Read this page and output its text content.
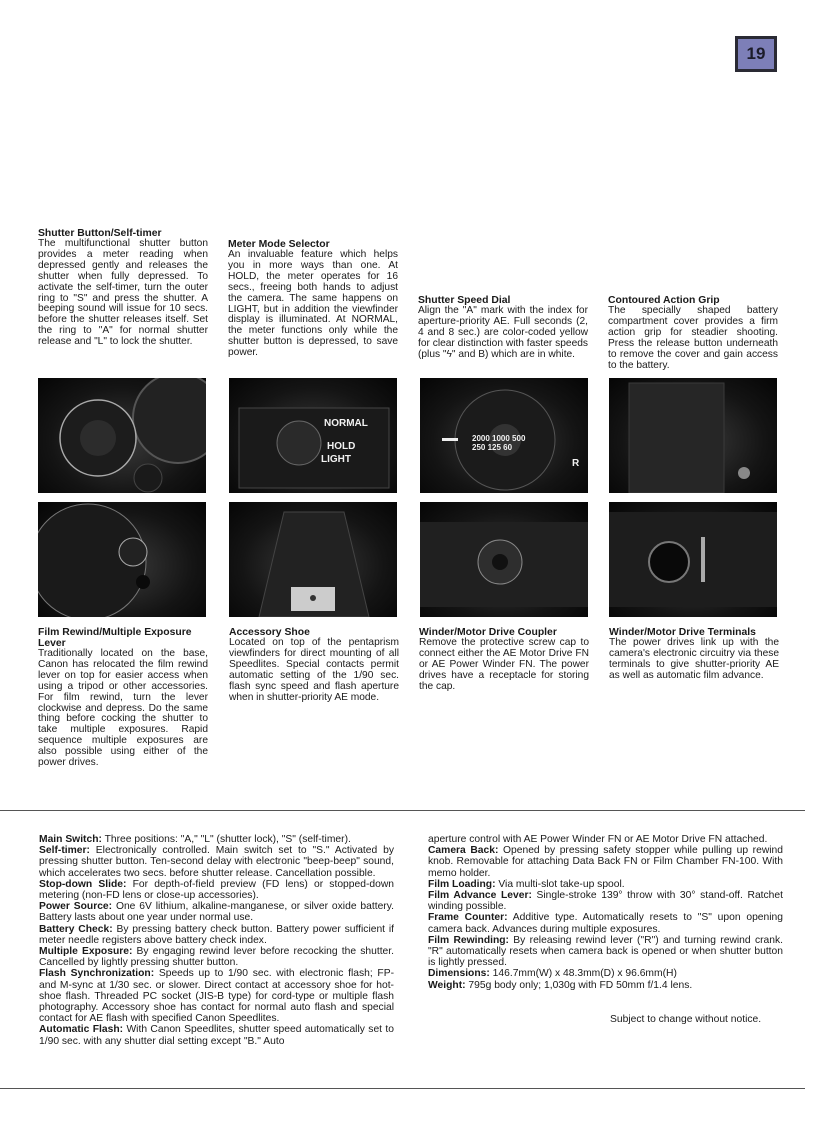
19
Shutter Button/Self-timer

The multifunctional shutter button provides a meter reading when depressed gently and releases the shutter when fully depressed. To activate the self-timer, turn the outer ring to "S" and press the shutter. A beeping sound will issue for 10 secs. before the shutter releases itself. Set the ring to "A" for normal shutter release and "L" to lock the shutter.

Meter Mode Selector

An invaluable feature which helps you in more ways than one. At HOLD, the meter operates for 16 secs., freeing both hands to adjust the camera. The same happens on LIGHT, but in addition the viewfinder display is illuminated. At NORMAL, the meter functions only while the shutter button is depressed, to save power.

Shutter Speed Dial

Align the "A" mark with the index for aperture-priority AE. Full seconds (2, 4 and 8 sec.) are color-coded yellow for clear distinction with faster speeds (plus "ϟ" and B) which are in white.

Contoured Action Grip

The specially shaped battery compartment cover provides a firm action grip for steadier shooting. Press the release button underneath to remove the cover and gain access to the battery.

NORMAL
HOLD
LIGHT
2000 1000 500 250 125 60
R
Film Rewind/Multiple Exposure Lever

Traditionally located on the base, Canon has relocated the film rewind lever on top for easier access when using a tripod or other accessories. For film rewind, turn the lever clockwise and depress. Do the same thing before cocking the shutter to take multiple exposures. Rapid sequence multiple exposures are also possible using either of the power drives.

Accessory Shoe

Located on top of the pentaprism viewfinders for direct mounting of all Speedlites. Special contacts permit automatic setting of the 1/90 sec. flash sync speed and flash aperture when in shutter-priority AE mode.

Winder/Motor Drive Coupler

Remove the protective screw cap to connect either the AE Motor Drive FN or AE Power Winder FN. The power drives have a receptacle for storing the cap.

Winder/Motor Drive Terminals

The power drives link up with the camera's electronic circuitry via these terminals to give shutter-priority AE as well as automatic film advance.

Main Switch: Three positions: "A," "L" (shutter lock), "S" (self-timer).

Self-timer: Electronically controlled. Main switch set to "S." Activated by pressing shutter button. Ten-second delay with electronic "beep-beep" sound, which accelerates two secs. before shutter release. Cancellation possible.

Stop-down Slide: For depth-of-field preview (FD lens) or stopped-down metering (non-FD lens or close-up accessories).

Power Source: One 6V lithium, alkaline-manganese, or silver oxide battery. Battery lasts about one year under normal use.

Battery Check: By pressing battery check button. Battery power sufficient if meter needle registers above battery check index.

Multiple Exposure: By engaging rewind lever before recocking the shutter. Cancelled by lightly pressing shutter button.

Flash Synchronization: Speeds up to 1/90 sec. with electronic flash; FP- and M-sync at 1/30 sec. or slower. Direct contact at accessory shoe for hot-shoe flash. Threaded PC socket (JIS-B type) for cord-type or multiple flash photography. Accessory shoe has contact for normal auto flash and special contact for AE flash with specified Canon Speedlites.

Automatic Flash: With Canon Speedlites, shutter speed automatically set to 1/90 sec. with any shutter dial setting except "B." Auto

aperture control with AE Power Winder FN or AE Motor Drive FN attached.

Camera Back: Opened by pressing safety stopper while pulling up rewind knob. Removable for attaching Data Back FN or Film Chamber FN-100. With memo holder.

Film Loading: Via multi-slot take-up spool.

Film Advance Lever: Single-stroke 139° throw with 30° stand-off. Ratchet winding possible.

Frame Counter: Additive type. Automatically resets to "S" upon opening camera back. Advances during multiple exposures.

Film Rewinding: By releasing rewind lever ("R") and turning rewind crank. "R" automatically resets when camera back is opened or when shutter button is lightly pressed.

Dimensions: 146.7mm(W) x 48.3mm(D) x 96.6mm(H)

Weight: 795g body only; 1,030g with FD 50mm f/1.4 lens.

Subject to change without notice.
